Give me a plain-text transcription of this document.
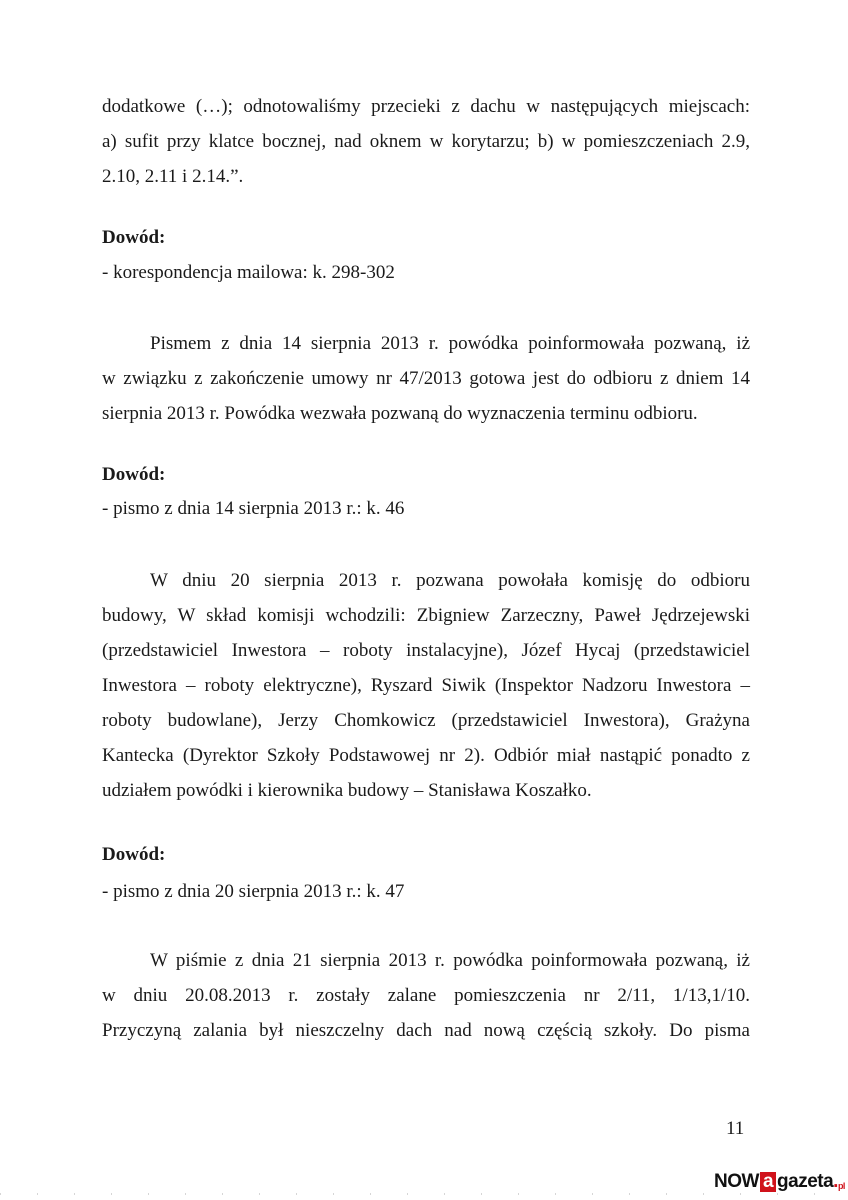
dodatkowe (…); odnotowaliśmy przecieki z dachu w następujących miejscach:
a) sufit przy klatce bocznej, nad oknem w korytarzu; b) w pomieszczeniach 2.9,
2.10, 2.11 i 2.14.”.
Dowód:
- korespondencja mailowa: k. 298-302
Pismem z dnia 14 sierpnia 2013 r. powódka poinformowała pozwaną, iż
w związku z zakończenie umowy nr 47/2013 gotowa jest do odbioru z dniem 14
sierpnia 2013 r. Powódka wezwała pozwaną do wyznaczenia terminu odbioru.
Dowód:
- pismo z dnia 14 sierpnia 2013 r.: k. 46
W dniu 20 sierpnia 2013 r. pozwana powołała komisję do odbioru
budowy, W skład komisji wchodzili: Zbigniew Zarzeczny, Paweł Jędrzejewski
(przedstawiciel Inwestora – roboty instalacyjne), Józef Hycaj (przedstawiciel
Inwestora – roboty elektryczne), Ryszard Siwik (Inspektor Nadzoru Inwestora –
roboty budowlane), Jerzy Chomkowicz (przedstawiciel Inwestora), Grażyna
Kantecka (Dyrektor Szkoły Podstawowej nr 2). Odbiór miał nastąpić ponadto z
udziałem powódki i kierownika budowy – Stanisława Koszałko.
Dowód:
- pismo z dnia 20 sierpnia 2013 r.: k. 47
W piśmie z dnia 21 sierpnia 2013 r. powódka poinformowała pozwaną, iż
w dniu 20.08.2013 r. zostały zalane pomieszczenia nr 2/11, 1/13,1/10.
Przyczyną zalania był nieszczelny dach nad nową częścią szkoły. Do pisma
11
NOW a gazeta . pl
